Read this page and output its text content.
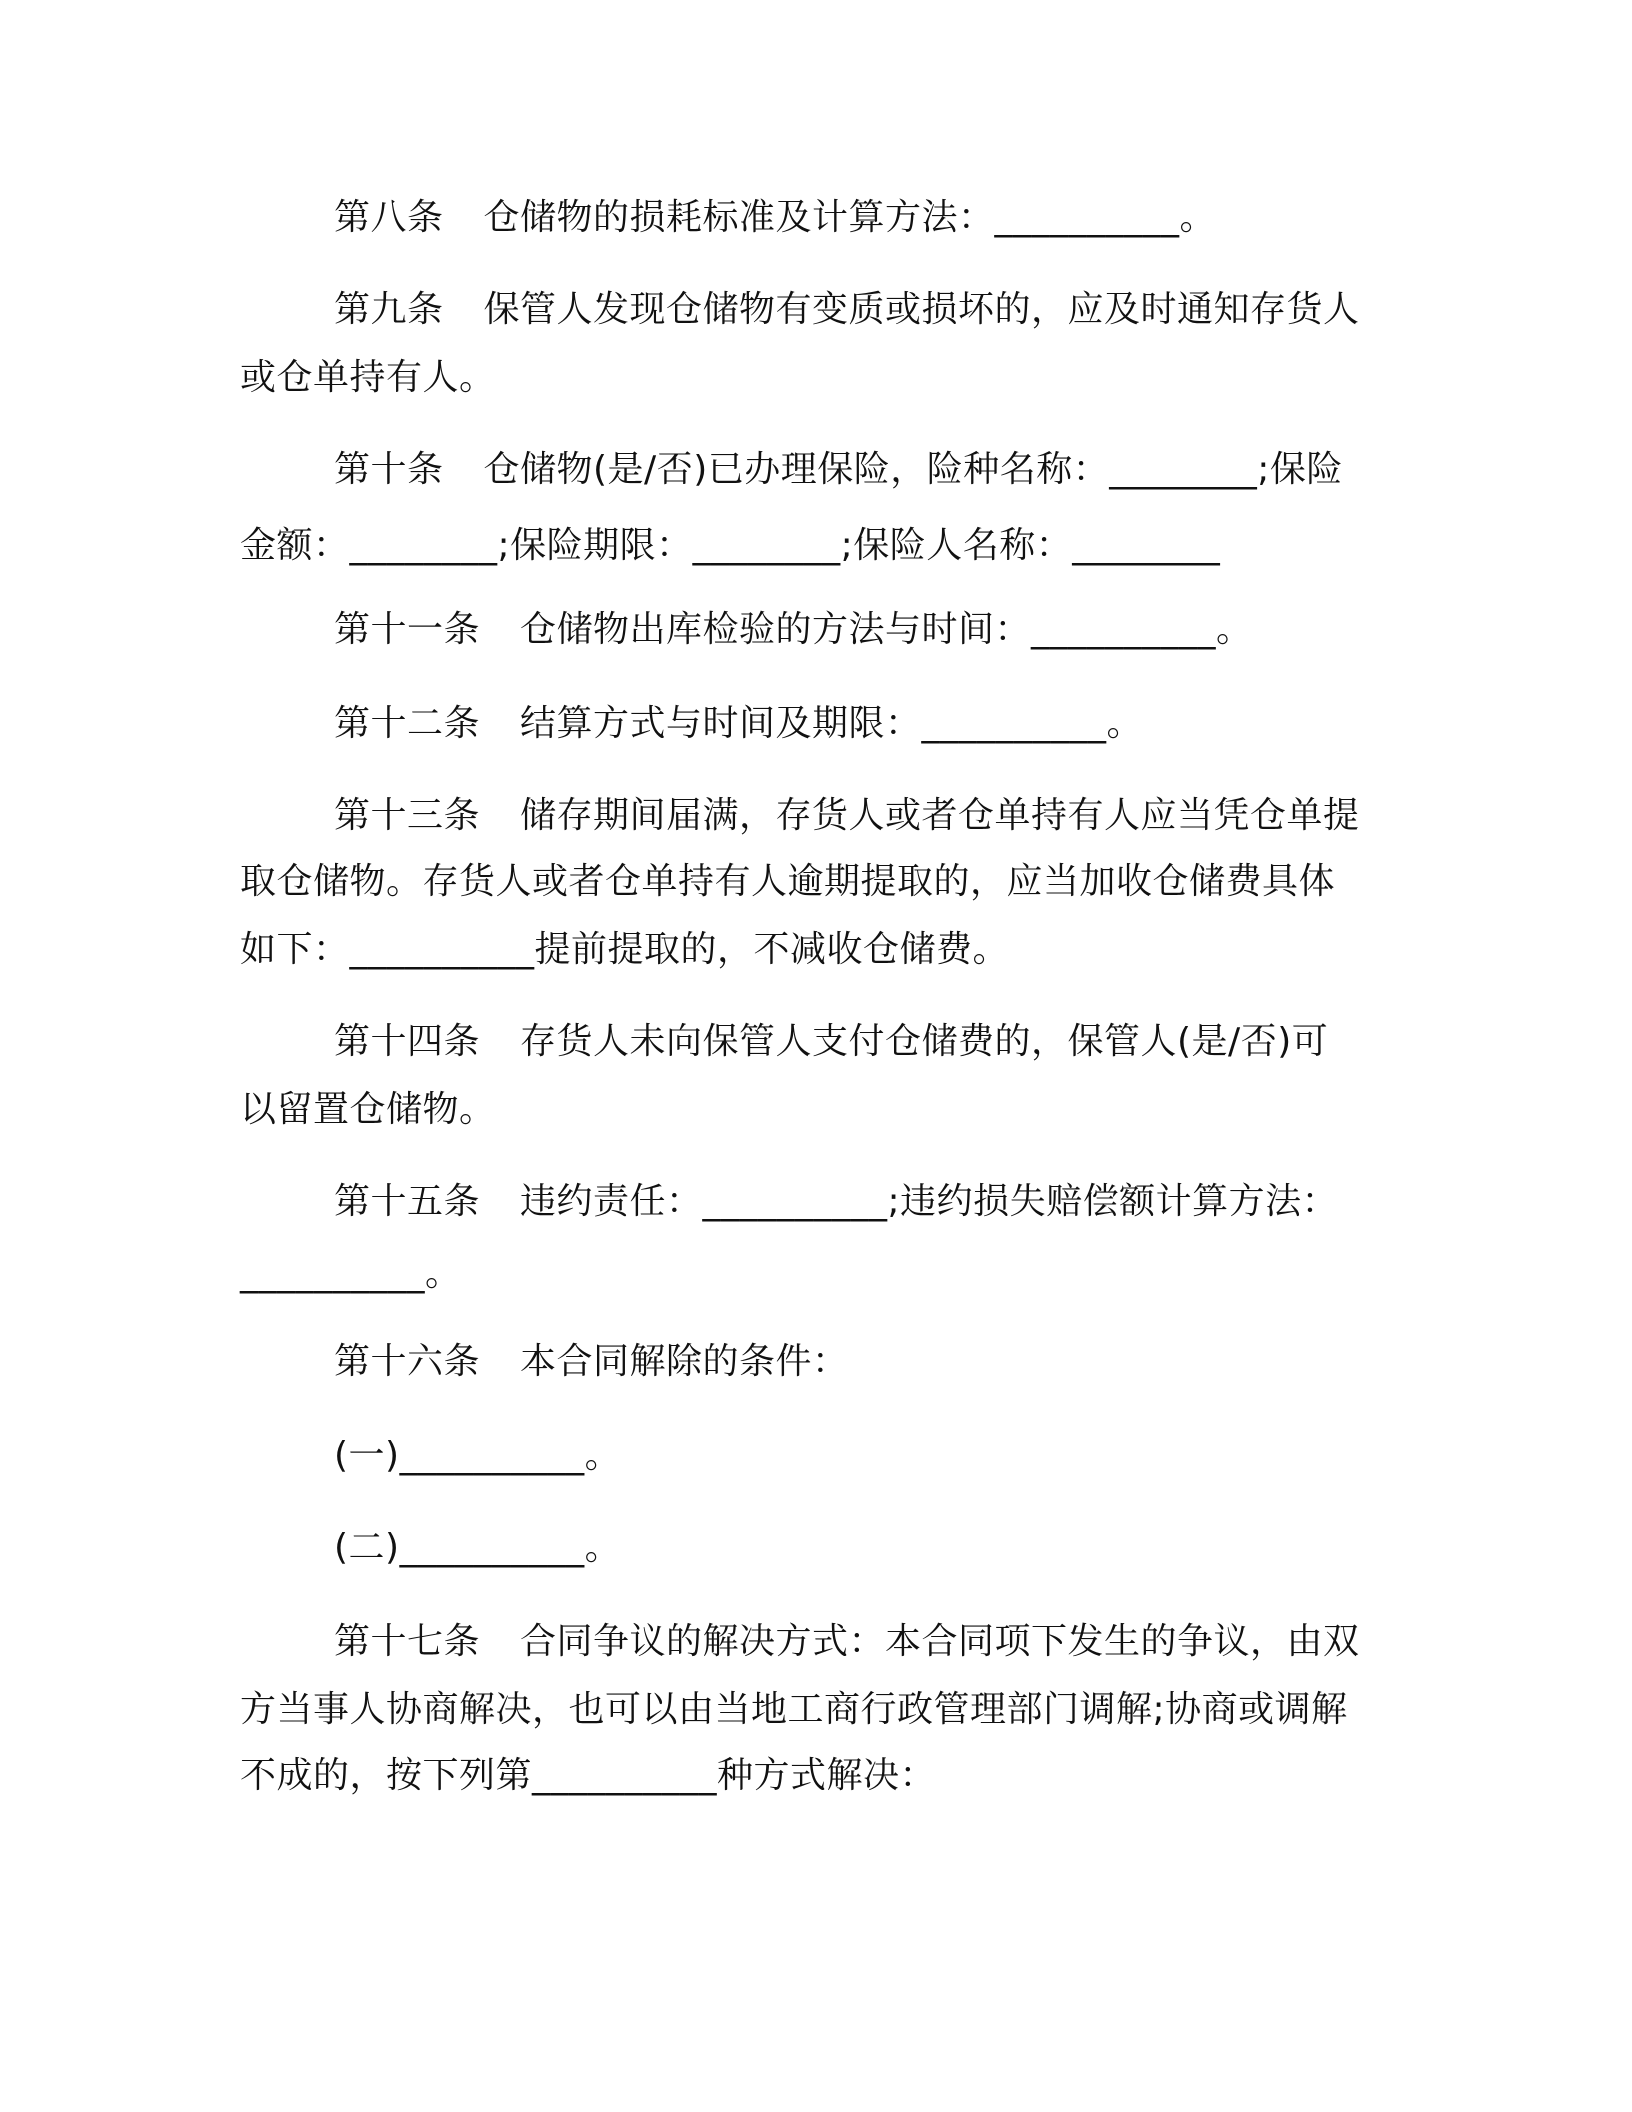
第八条 仓储物的损耗标准及计算方法：__________。
第九条 保管人发现仓储物有变质或损坏的，应及时通知存货人
或仓单持有人。
第十条 仓储物(是/否)已办理保险，险种名称：________;保险
金额：________;保险期限：________;保险人名称：________
第十一条 仓储物出库检验的方法与时间：__________。
第十二条 结算方式与时间及期限：__________。
第十三条 储存期间届满，存货人或者仓单持有人应当凭仓单提
取仓储物。存货人或者仓单持有人逾期提取的，应当加收仓储费具体
如下：__________提前提取的，不减收仓储费。
第十四条 存货人未向保管人支付仓储费的，保管人(是/否)可
以留置仓储物。
第十五条 违约责任：__________;违约损失赔偿额计算方法：
__________。
第十六条 本合同解除的条件：
(一)__________。
(二)__________。
第十七条 合同争议的解决方式：本合同项下发生的争议，由双
方当事人协商解决，也可以由当地工商行政管理部门调解;协商或调解
不成的，按下列第__________种方式解决：
